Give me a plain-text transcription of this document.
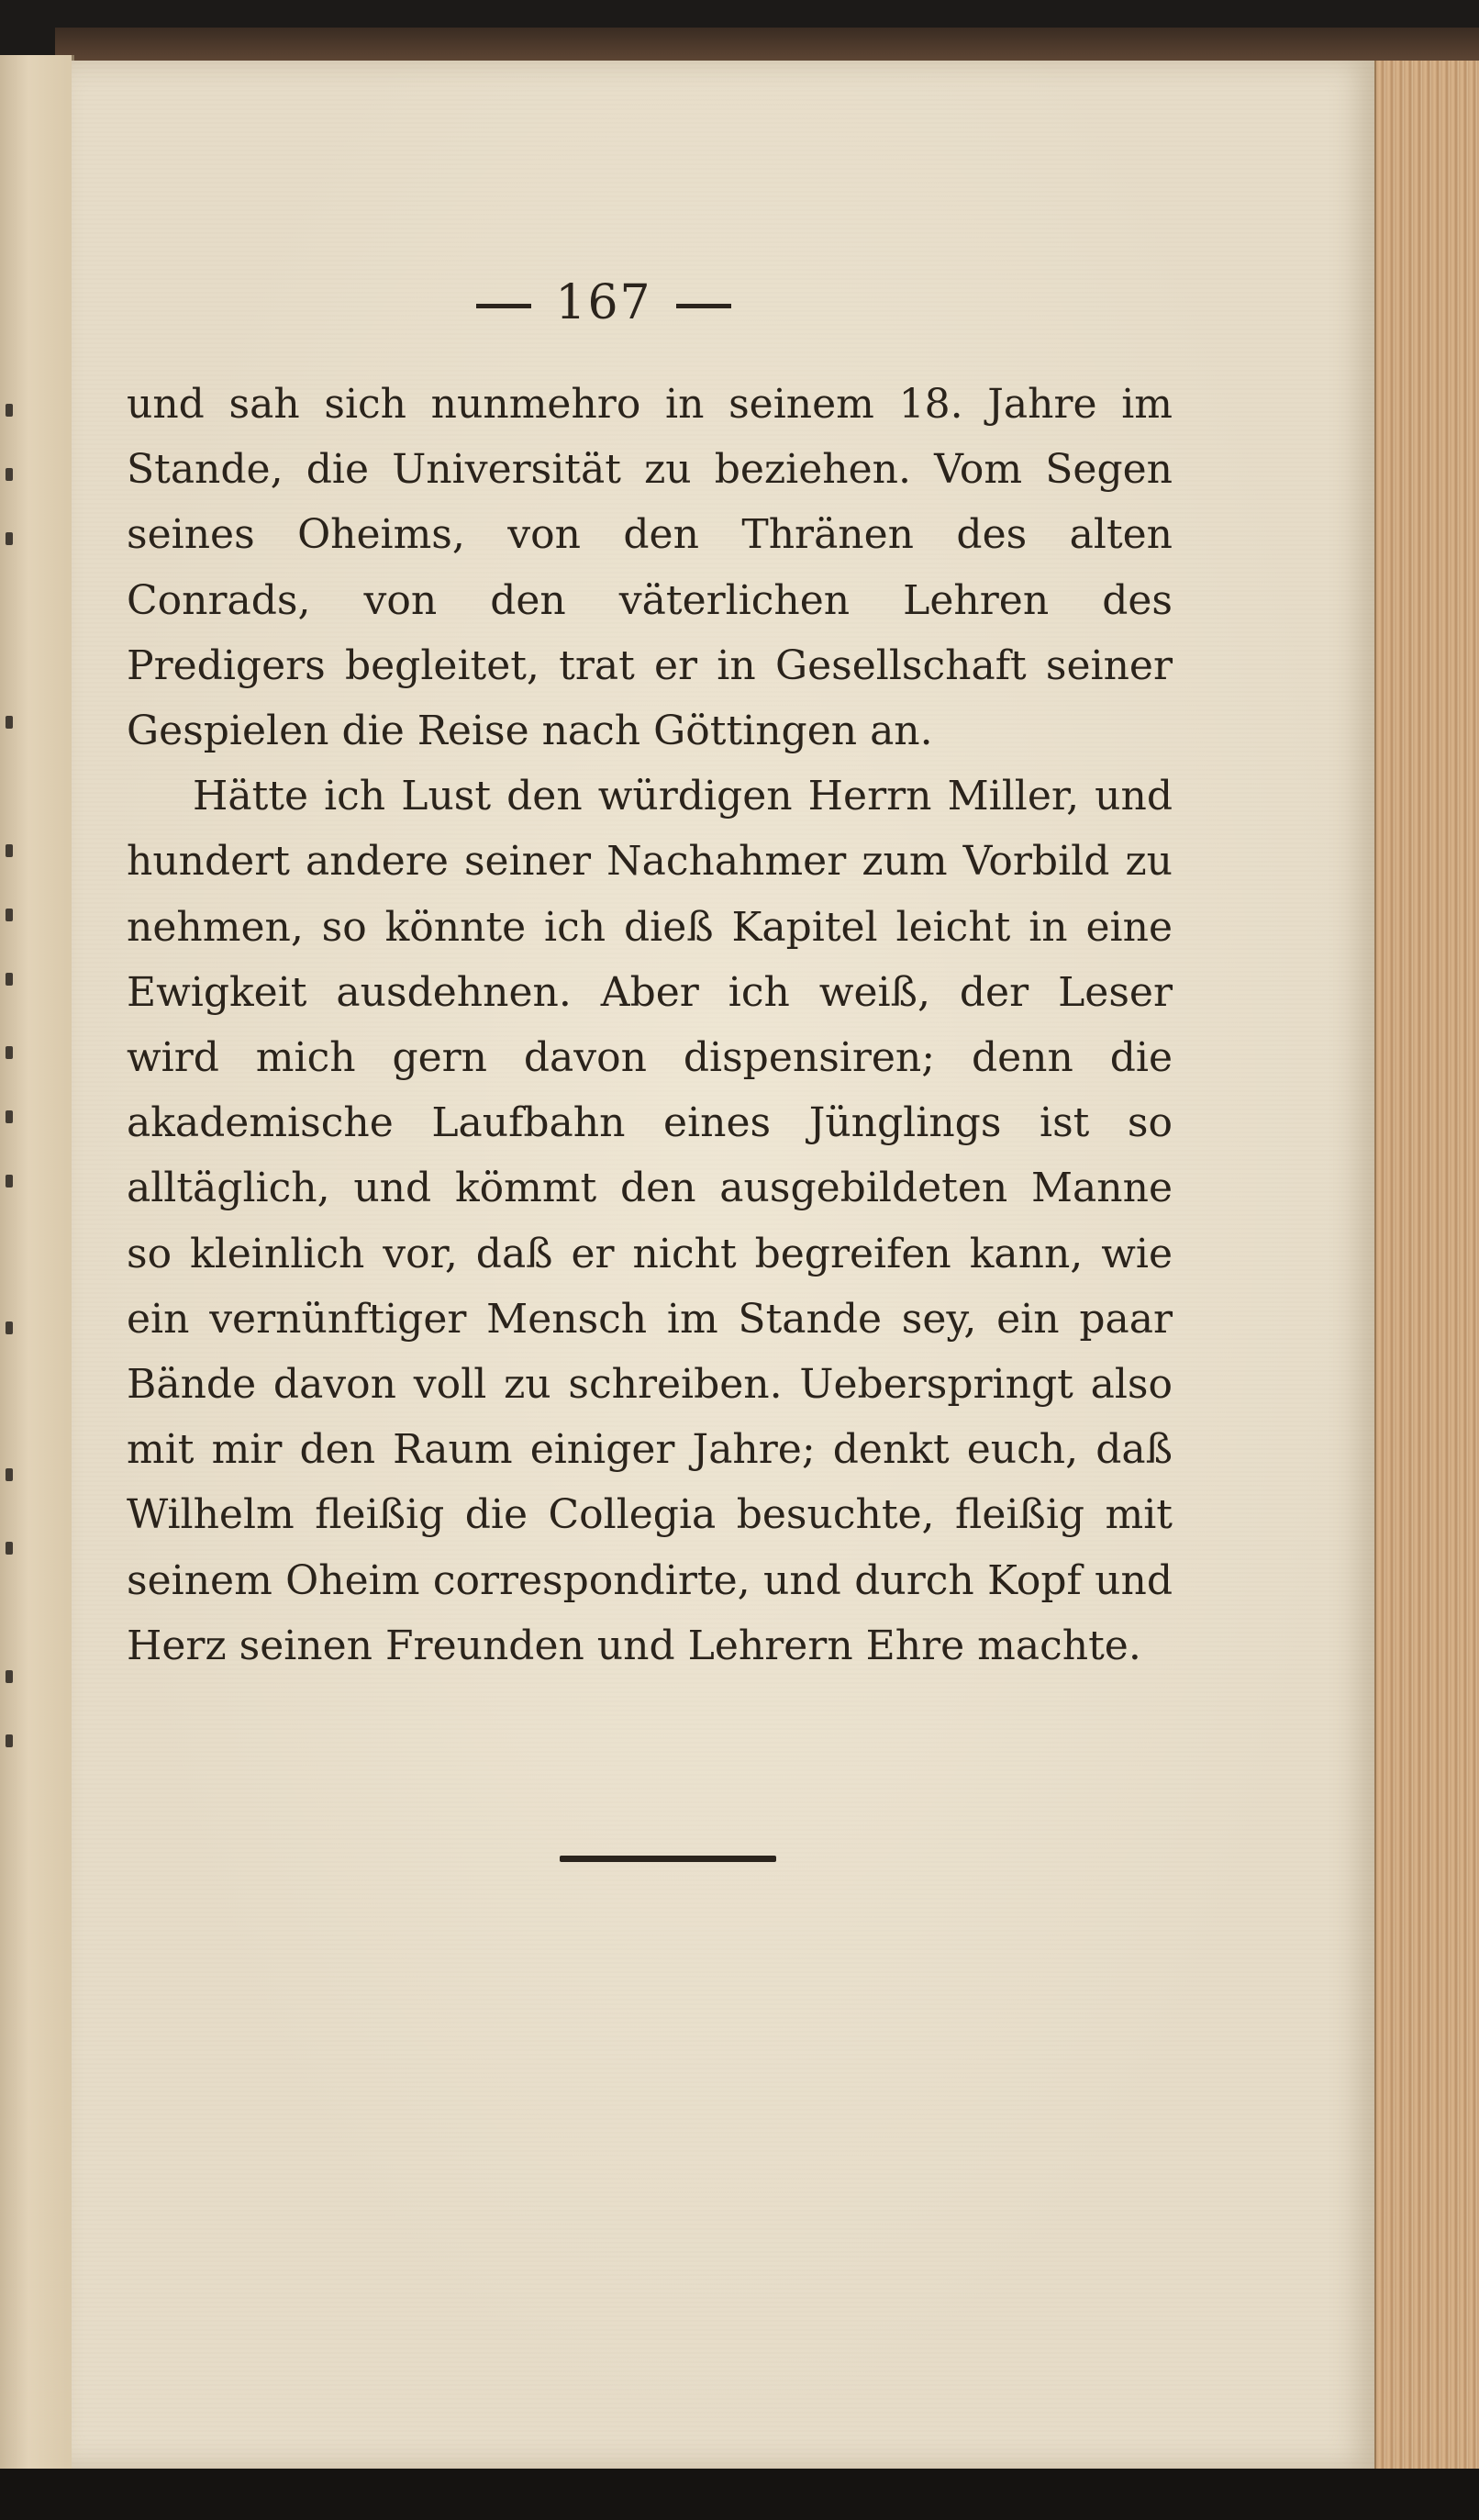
167

und sah sich nunmehro in seinem 18. Jahre im Stande, die Universität zu beziehen. Vom Segen seines Oheims, von den Thränen des alten Conrads, von den väterlichen Lehren des Predigers begleitet, trat er in Gesellschaft seiner Gespielen die Reise nach Göttingen an.

Hätte ich Lust den würdigen Herrn Miller, und hundert andere seiner Nachahmer zum Vorbild zu nehmen, so könnte ich dieß Kapitel leicht in eine Ewigkeit ausdehnen. Aber ich weiß, der Leser wird mich gern davon dispensiren; denn die akademische Laufbahn eines Jünglings ist so alltäglich, und kömmt den ausgebildeten Manne so kleinlich vor, daß er nicht begreifen kann, wie ein vernünftiger Mensch im Stande sey, ein paar Bände davon voll zu schreiben. Ueberspringt also mit mir den Raum einiger Jahre; denkt euch, daß Wilhelm fleißig die Collegia besuchte, fleißig mit seinem Oheim correspondirte, und durch Kopf und Herz seinen Freunden und Lehrern Ehre machte.
